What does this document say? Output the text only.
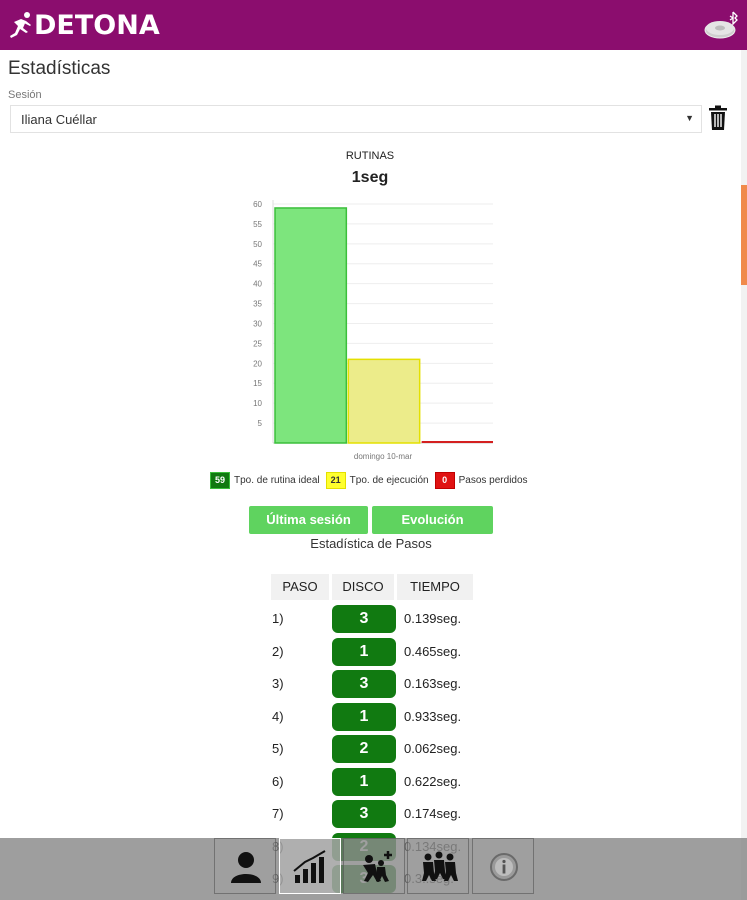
DETONA
Estadísticas
Sesión
Iliana Cuéllar	▼
RUTINAS
1seg
5
10
15
20
25
30
35
40
45
50
55
60
domingo 10-mar
59 Tpo. de rutina ideal	21 Tpo. de ejecución	0	Pasos perdidos
Última sesión	Evolución
Estadística de Pasos
PASO	DISCO	TIEMPO
1)	3	0.139seg.
2)	1	0.465seg.
3)	3	0.163seg.
4)	1	0.933seg.
5)	2	0.062seg.
6)	1	0.622seg.
7)	3	0.174seg.
